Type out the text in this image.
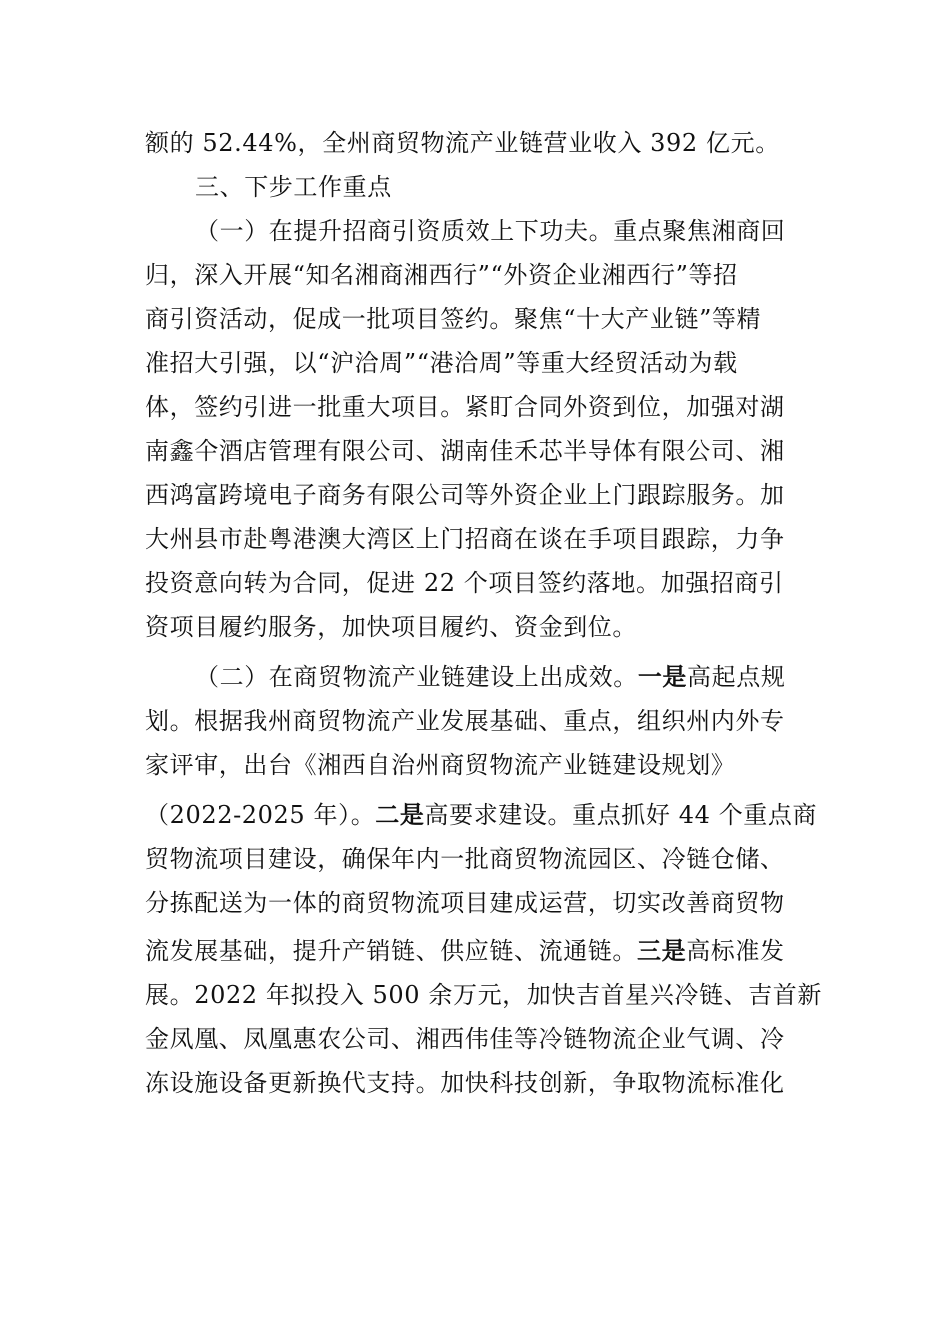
额的 52.44%，全州商贸物流产业链营业收入 392 亿元。
三、下步工作重点
（一）在提升招商引资质效上下功夫。重点聚焦湘商回
归，深入开展“知名湘商湘西行”“外资企业湘西行”等招
商引资活动，促成一批项目签约。聚焦“十大产业链”等精
准招大引强，以“沪洽周”“港洽周”等重大经贸活动为载
体，签约引进一批重大项目。紧盯合同外资到位，加强对湖
南鑫仐酒店管理有限公司、湖南佳禾芯半导体有限公司、湘
西鸿富跨境电子商务有限公司等外资企业上门跟踪服务。加
大州县市赴粤港澳大湾区上门招商在谈在手项目跟踪，力争
投资意向转为合同，促进 22 个项目签约落地。加强招商引
资项目履约服务，加快项目履约、资金到位。
（二）在商贸物流产业链建设上出成效。一是高起点规
划。根据我州商贸物流产业发展基础、重点，组织州内外专
家评审，出台《湘西自治州商贸物流产业链建设规划》
（2022-2025 年）。二是高要求建设。重点抓好 44 个重点商
贸物流项目建设，确保年内一批商贸物流园区、冷链仓储、
分拣配送为一体的商贸物流项目建成运营，切实改善商贸物
流发展基础，提升产销链、供应链、流通链。三是高标准发
展。2022 年拟投入 500 余万元，加快吉首星兴冷链、吉首新
金凤凰、凤凰惠农公司、湘西伟佳等冷链物流企业气调、冷
冻设施设备更新换代支持。加快科技创新，争取物流标准化
